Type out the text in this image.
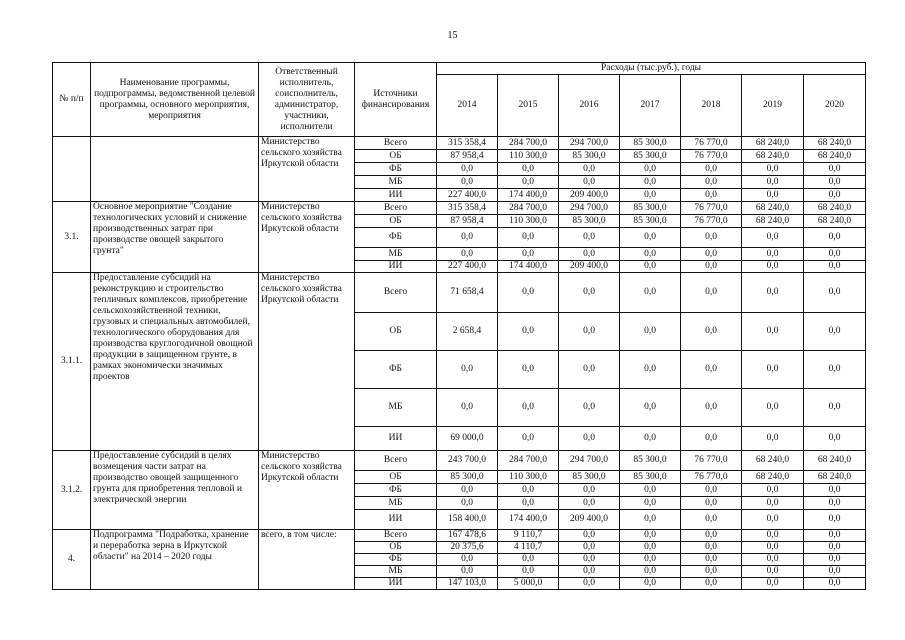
15
№ п/п	Наименование программы, подпрограммы, ведомственной целевой программы, основного мероприятия, мероприятия	Ответственный исполнитель, соисполнитель, администратор, участники, исполнители	Источники финансирования	Расходы (тыс.руб.), годы						
				2014	2015	2016	2017	2018	2019	2020
		Министерство сельского хозяйства Иркутской области	Всего	315 358,4	284 700,0	294 700,0	85 300,0	76 770,0	68 240,0	68 240,0
			ОБ	87 958,4	110 300,0	85 300,0	85 300,0	76 770,0	68 240,0	68 240,0
			ФБ	0,0	0,0	0,0	0,0	0,0	0,0	0,0
			МБ	0,0	0,0	0,0	0,0	0,0	0,0	0,0
			ИИ	227 400,0	174 400,0	209 400,0	0,0	0,0	0,0	0,0
3.1.	Основное мероприятие "Создание технологических условий и снижение производственных затрат при производстве овощей закрытого грунта"	Министерство сельского хозяйства Иркутской области	Всего	315 358,4	284 700,0	294 700,0	85 300,0	76 770,0	68 240,0	68 240,0
			ОБ	87 958,4	110 300,0	85 300,0	85 300,0	76 770,0	68 240,0	68 240,0
			ФБ	0,0	0,0	0,0	0,0	0,0	0,0	0,0
			МБ	0,0	0,0	0,0	0,0	0,0	0,0	0,0
			ИИ	227 400,0	174 400,0	209 400,0	0,0	0,0	0,0	0,0
3.1.1.	Предоставление субсидий на реконструкцию и строительство тепличных комплексов, приобретение сельскохозяйственной техники, грузовых и специальных автомобилей, технологического оборудования для производства круглогодичной овощной продукции в защищенном грунте, в рамках экономически значимых проектов	Министерство сельского хозяйства Иркутской области	Всего	71 658,4	0,0	0,0	0,0	0,0	0,0	0,0
			ОБ	2 658,4	0,0	0,0	0,0	0,0	0,0	0,0
			ФБ	0,0	0,0	0,0	0,0	0,0	0,0	0,0
			МБ	0,0	0,0	0,0	0,0	0,0	0,0	0,0
			ИИ	69 000,0	0,0	0,0	0,0	0,0	0,0	0,0
3.1.2.	Предоставление субсидий в целях возмещения части затрат на производство овощей защищенного грунта для приобретения тепловой и электрической энергии	Министерство сельского хозяйства Иркутской области	Всего	243 700,0	284 700,0	294 700,0	85 300,0	76 770,0	68 240,0	68 240,0
			ОБ	85 300,0	110 300,0	85 300,0	85 300,0	76 770,0	68 240,0	68 240,0
			ФБ	0,0	0,0	0,0	0,0	0,0	0,0	0,0
			МБ	0,0	0,0	0,0	0,0	0,0	0,0	0,0
			ИИ	158 400,0	174 400,0	209 400,0	0,0	0,0	0,0	0,0
4.	Подпрограмма "Подработка, хранение и переработка зерна в Иркутской области" на 2014 – 2020 годы	всего, в том числе:	Всего	167 478,6	9 110,7	0,0	0,0	0,0	0,0	0,0
			ОБ	20 375,6	4 110,7	0,0	0,0	0,0	0,0	0,0
			ФБ	0,0	0,0	0,0	0,0	0,0	0,0	0,0
			МБ	0,0	0,0	0,0	0,0	0,0	0,0	0,0
			ИИ	147 103,0	5 000,0	0,0	0,0	0,0	0,0	0,0
